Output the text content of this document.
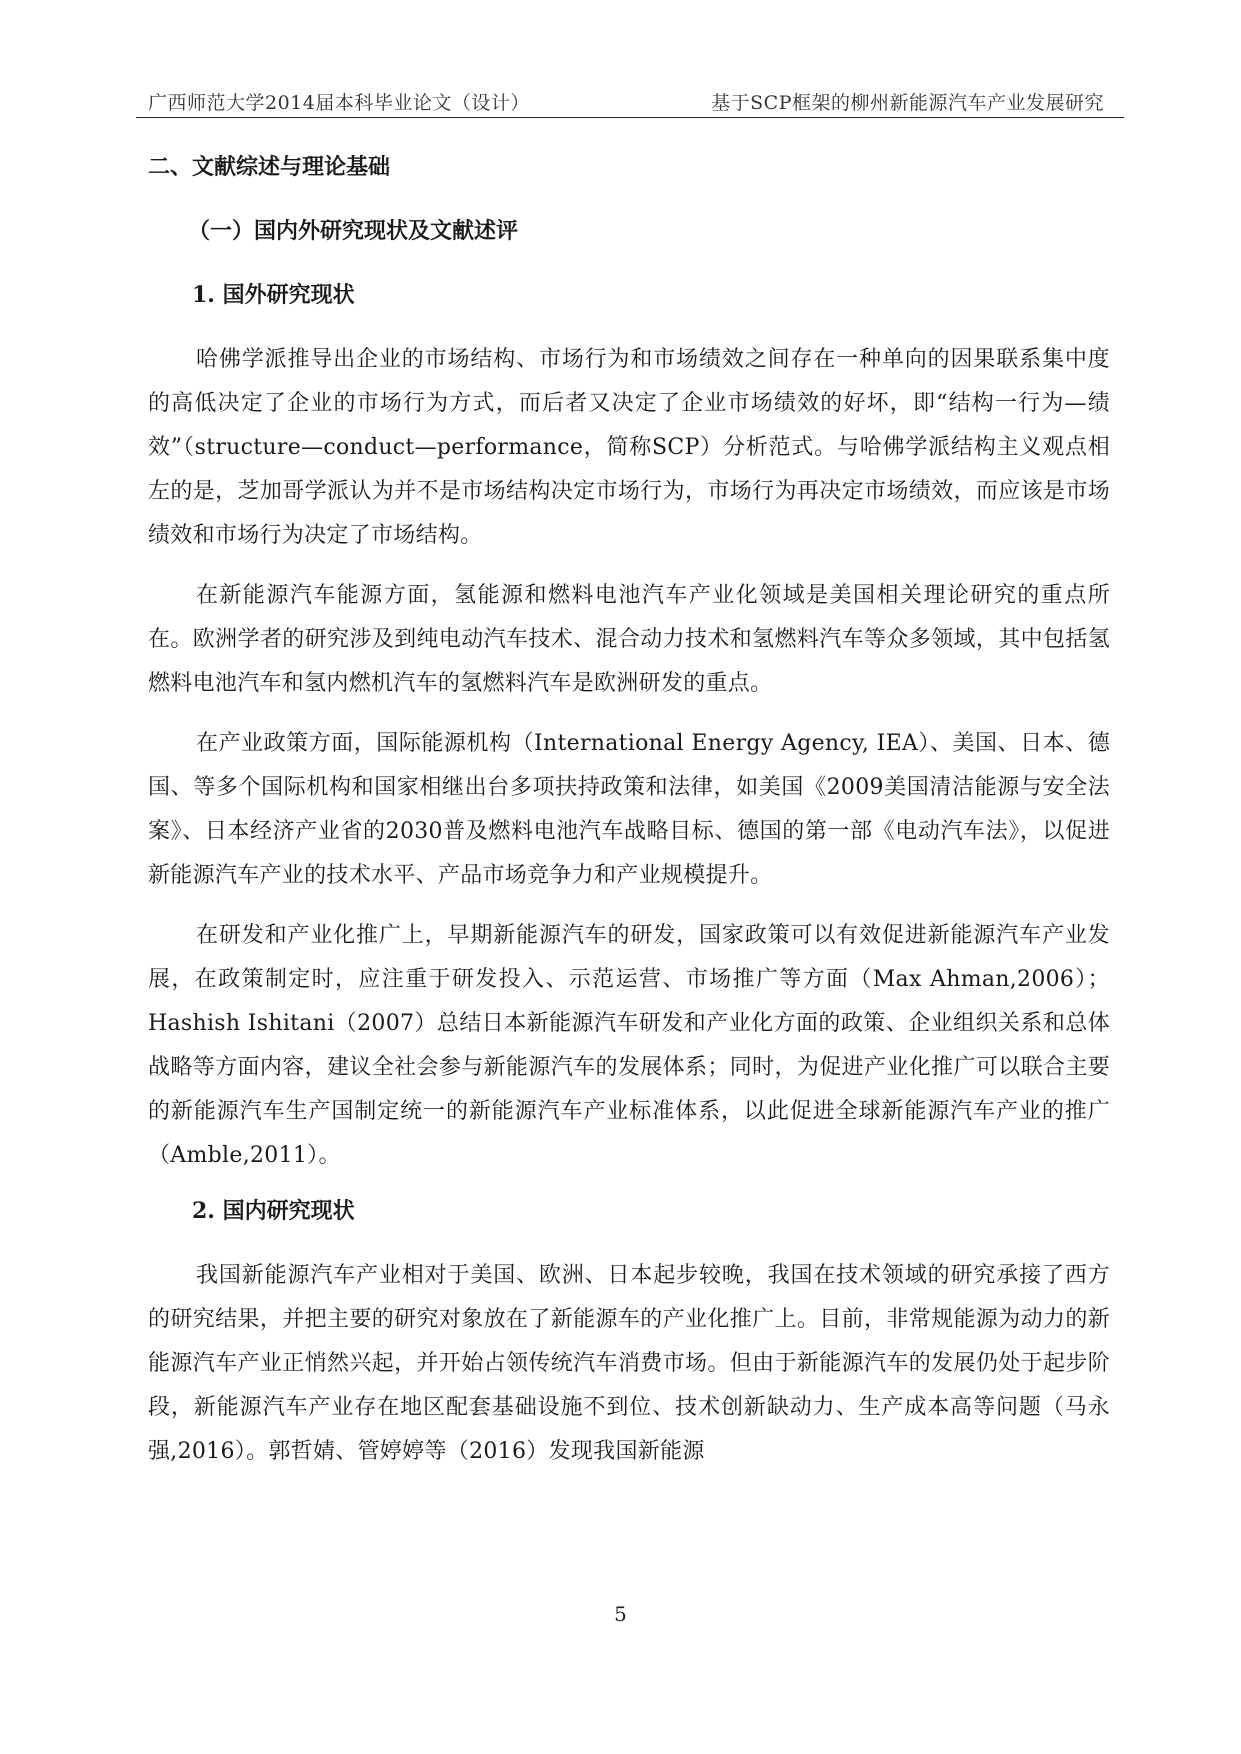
广西师范大学2014届本科毕业论文（设计）	基于SCP框架的柳州新能源汽车产业发展研究
二、文献综述与理论基础
（一）国内外研究现状及文献述评
1. 国外研究现状

哈佛学派推导出企业的市场结构、市场行为和市场绩效之间存在一种单向的因果联系集中度的高低决定了企业的市场行为方式，而后者又决定了企业市场绩效的好坏，即“结构一行为—绩效”（structure—conduct—performance，简称SCP）分析范式。与哈佛学派结构主义观点相左的是，芝加哥学派认为并不是市场结构决定市场行为，市场行为再决定市场绩效，而应该是市场绩效和市场行为决定了市场结构。

在新能源汽车能源方面，氢能源和燃料电池汽车产业化领域是美国相关理论研究的重点所在。欧洲学者的研究涉及到纯电动汽车技术、混合动力技术和氢燃料汽车等众多领域，其中包括氢燃料电池汽车和氢内燃机汽车的氢燃料汽车是欧洲研发的重点。

在产业政策方面，国际能源机构（International Energy Agency, IEA）、美国、日本、德国、等多个国际机构和国家相继出台多项扶持政策和法律，如美国《2009美国清洁能源与安全法案》、日本经济产业省的2030普及燃料电池汽车战略目标、德国的第一部《电动汽车法》，以促进新能源汽车产业的技术水平、产品市场竞争力和产业规模提升。

在研发和产业化推广上，早期新能源汽车的研发，国家政策可以有效促进新能源汽车产业发展，在政策制定时，应注重于研发投入、示范运营、市场推广等方面（Max Ahman,2006）；Hashish Ishitani（2007）总结日本新能源汽车研发和产业化方面的政策、企业组织关系和总体战略等方面内容，建议全社会参与新能源汽车的发展体系；同时，为促进产业化推广可以联合主要的新能源汽车生产国制定统一的新能源汽车产业标准体系，以此促进全球新能源汽车产业的推广（Amble,2011）。

2. 国内研究现状

我国新能源汽车产业相对于美国、欧洲、日本起步较晚，我国在技术领域的研究承接了西方的研究结果，并把主要的研究对象放在了新能源车的产业化推广上。目前，非常规能源为动力的新能源汽车产业正悄然兴起，并开始占领传统汽车消费市场。但由于新能源汽车的发展仍处于起步阶段，新能源汽车产业存在地区配套基础设施不到位、技术创新缺动力、生产成本高等问题（马永强,2016）。郭哲婧、管婷婷等（2016）发现我国新能源

5
